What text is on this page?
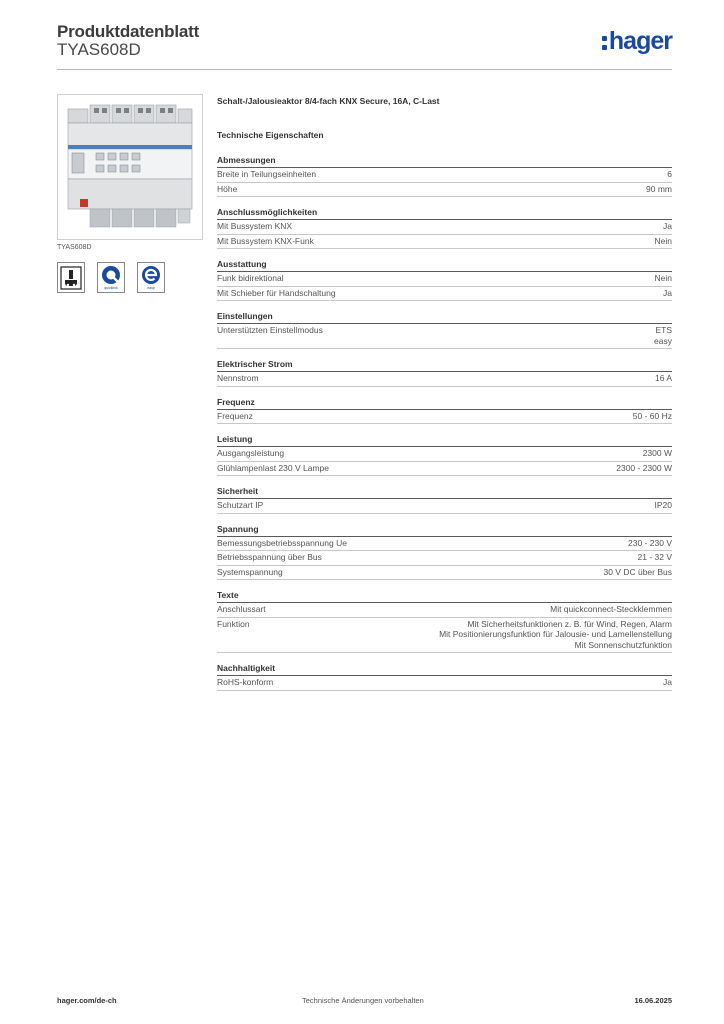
Produktdatenblatt
TYAS608D	hager
TYAS608D
quicklink	easy
Schalt-/Jalousieaktor 8/4-fach KNX Secure, 16A, C-Last
Technische Eigenschaften
Abmessungen
Breite in Teilungseinheiten	6
Höhe	90 mm
Anschlussmöglichkeiten
Mit Bussystem KNX	Ja
Mit Bussystem KNX-Funk	Nein
Ausstattung
Funk bidirektional	Nein
Mit Schieber für Handschaltung	Ja
Einstellungen
Unterstützten Einstellmodus	ETS
easy
Elektrischer Strom
Nennstrom	16 A
Frequenz
Frequenz	50 - 60 Hz
Leistung
Ausgangsleistung	2300 W
Glühlampenlast 230 V Lampe	2300 - 2300 W
Sicherheit
Schutzart IP	IP20
Spannung
Bemessungsbetriebsspannung Ue	230 - 230 V
Betriebsspannung über Bus	21 - 32 V
Systemspannung	30 V DC über Bus
Texte
Anschlussart	Mit quickconnect-Steckklemmen
Funktion	Mit Sicherheitsfunktionen z. B. für Wind, Regen, Alarm
Mit Positionierungsfunktion für Jalousie- und Lamellenstellung
Mit Sonnenschutzfunktion
Nachhaltigkeit
RoHS-konform	Ja
hager.com/de-ch	Technische Änderungen vorbehalten	16.06.2025
